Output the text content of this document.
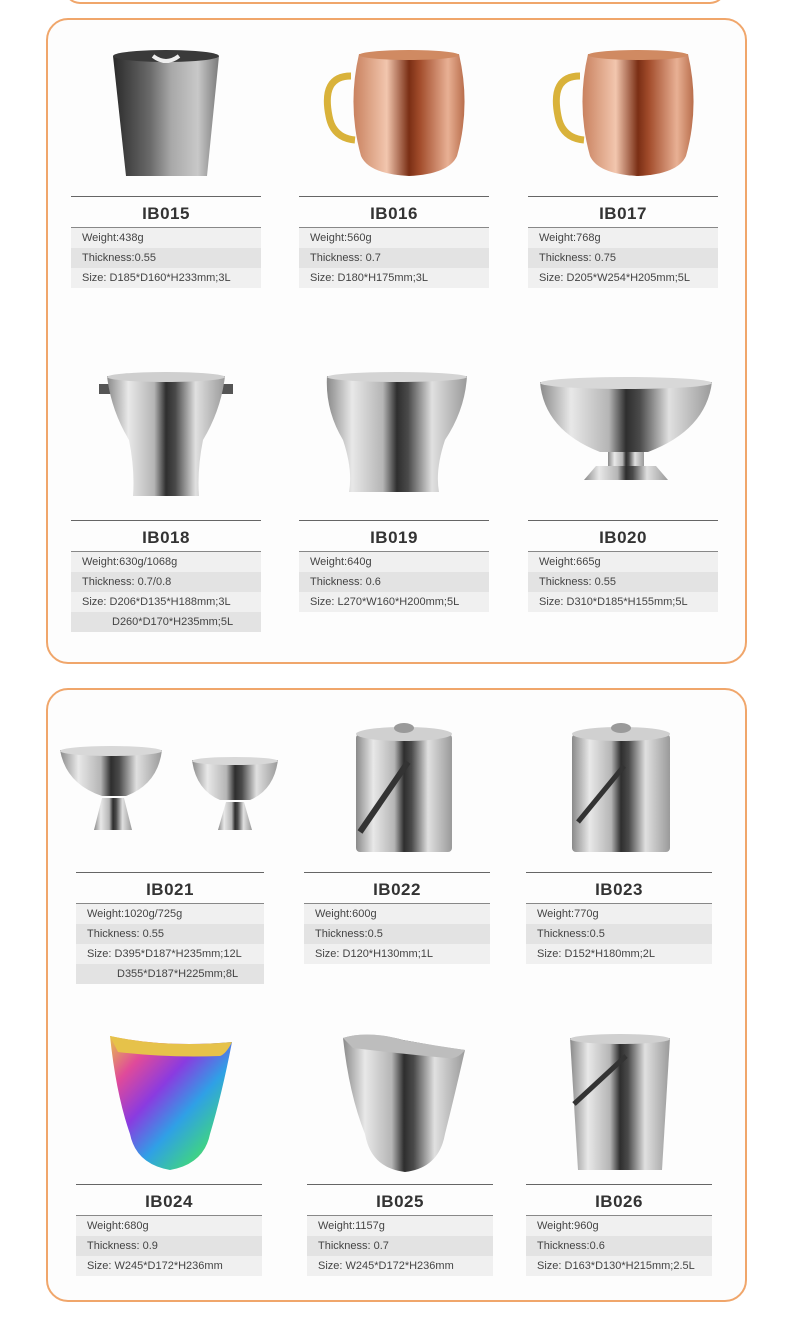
IB015
Weight:438g
Thickness:0.55
Size: D185*D160*H233mm;3L
IB016
Weight:560g
Thickness: 0.7
Size: D180*H175mm;3L
IB017
Weight:768g
Thickness: 0.75
Size: D205*W254*H205mm;5L
IB018
Weight:630g/1068g
Thickness: 0.7/0.8
Size: D206*D135*H188mm;3L
D260*D170*H235mm;5L
IB019
Weight:640g
Thickness: 0.6
Size: L270*W160*H200mm;5L
IB020
Weight:665g
Thickness: 0.55
Size: D310*D185*H155mm;5L
IB021
Weight:1020g/725g
Thickness: 0.55
Size: D395*D187*H235mm;12L
D355*D187*H225mm;8L
IB022
Weight:600g
Thickness:0.5
Size: D120*H130mm;1L
IB023
Weight:770g
Thickness:0.5
Size: D152*H180mm;2L
IB024
Weight:680g
Thickness: 0.9
Size: W245*D172*H236mm
IB025
Weight:1157g
Thickness: 0.7
Size: W245*D172*H236mm
IB026
Weight:960g
Thickness:0.6
Size: D163*D130*H215mm;2.5L
